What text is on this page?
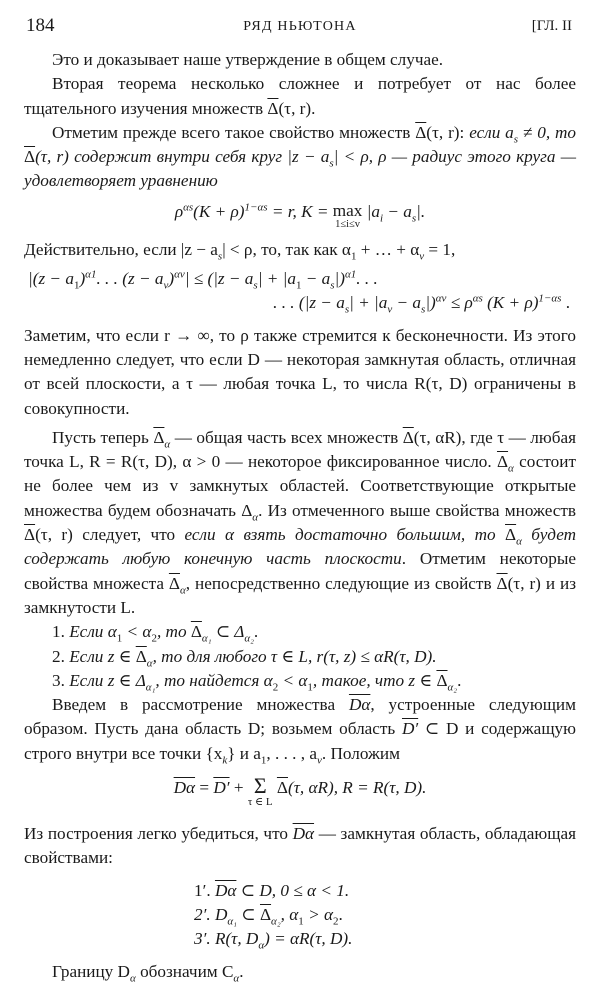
184	РЯД НЬЮТОНА	[ГЛ. II

Это и доказывает наше утверждение в общем случае.

Вторая теорема несколько сложнее и потребует от нас более тщательного изучения множеств $\overline{\Delta}(\tau$, r).

Отметим прежде всего такое свойство множеств $\overline{\Delta}(\tau$, r): если $a_s \ne 0$, то $\overline{\Delta}(\tau$, r) содержит внутри себя круг $|z - a_s| < \rho$, ρ — радиус этого круга — удовлетворяет уравнению

$\rho^{\alpha s}(K + \rho)^{1-\alpha s} = r$, K = max
1≤i≤v
$|a_i - a_s|$.

Действительно, если $|z - a_s| < \rho$, то, так как $\alpha_1$ + … + $\alpha_v = 1$,

$|(z - a_1)^{\alpha 1}$. . . $(z - a_v)^{\alpha v}| \le (|z - a_s| + |a_1 - a_s|)^{\alpha 1}$. . .
. . . $(|z - a_s| + |a_v - a_s|)^{\alpha v} \le \rho^{\alpha s}$ $(K + \rho)^{1-\alpha s}$ .

Заметим, что если r → ∞, то ρ также стремится к бесконечности. Из этого немедленно следует, что если D — некоторая замкнутая область, отличная от всей плоскости, а τ — любая точка L, то числа R(τ, D) ограничены в совокупности.

Пусть теперь $\overline{\Delta}_\alpha$ — общая часть всех множеств $\overline{\Delta}(\tau$, αR), где τ — любая точка L, R = R(τ, D), α > 0 — некоторое фиксированное число. $\overline{\Delta}_\alpha$ состоит не более чем из v замкнутых областей. Соответствующие открытые множества будем обозначать $\Delta_\alpha$. Из отмеченного выше свойства множеств $\overline{\Delta}(\tau$, r) следует, что если α взять достаточно большим, то $\overline{\Delta}_\alpha$ будет содержать любую конечную часть плоскости. Отметим некоторые свойства множеста $\overline{\Delta}_\alpha$, непосредственно следующие из свойств $\overline{\Delta}(\tau$, r) и из замкнутости L.

1. Если $\alpha_1 < \alpha_2$, то $\overline{\Delta}_{\alpha_1}$ ⊂ $\Delta_{\alpha_2}$.

2. Если z ∈ $\overline{\Delta}_\alpha$, то для любого τ ∈ L, r(τ, z) ≤ αR(τ, D).

3. Если z ∈ $\Delta_{\alpha_1}$, то найдется $\alpha_2 < \alpha_1$, такое, что z ∈ $\overline{\Delta}_{\alpha_2}$.

Введем в рассмотрение множества $\overline{D\alpha}$, устроенные следующим образом. Пусть дана область D; возьмем область D′ ⊂ D и содержащую строго внутри все точки $\{x_k\}$ и $a_1$, . . . , $a_v$. Положим

$\overline{D\alpha} = D' + \Sigma$
τ ∈ L
$\overline{\Delta}(\tau$, αR), R = R(τ, D).

Из построения легко убедиться, что $\overline{D\alpha}$ — замкнутая область, обладающая свойствами:

1′. $\overline{D\alpha}$ ⊂ D, 0 ≤ α < 1.

2′. $D_{\alpha_1}$ ⊂ $\overline{\Delta}_{\alpha_2}$, $\alpha_1 > \alpha_2$.

3′. R(τ, $D_\alpha) = \alpha R(\tau$, D).

Границу $D_\alpha$ обозначим $C_\alpha$.
